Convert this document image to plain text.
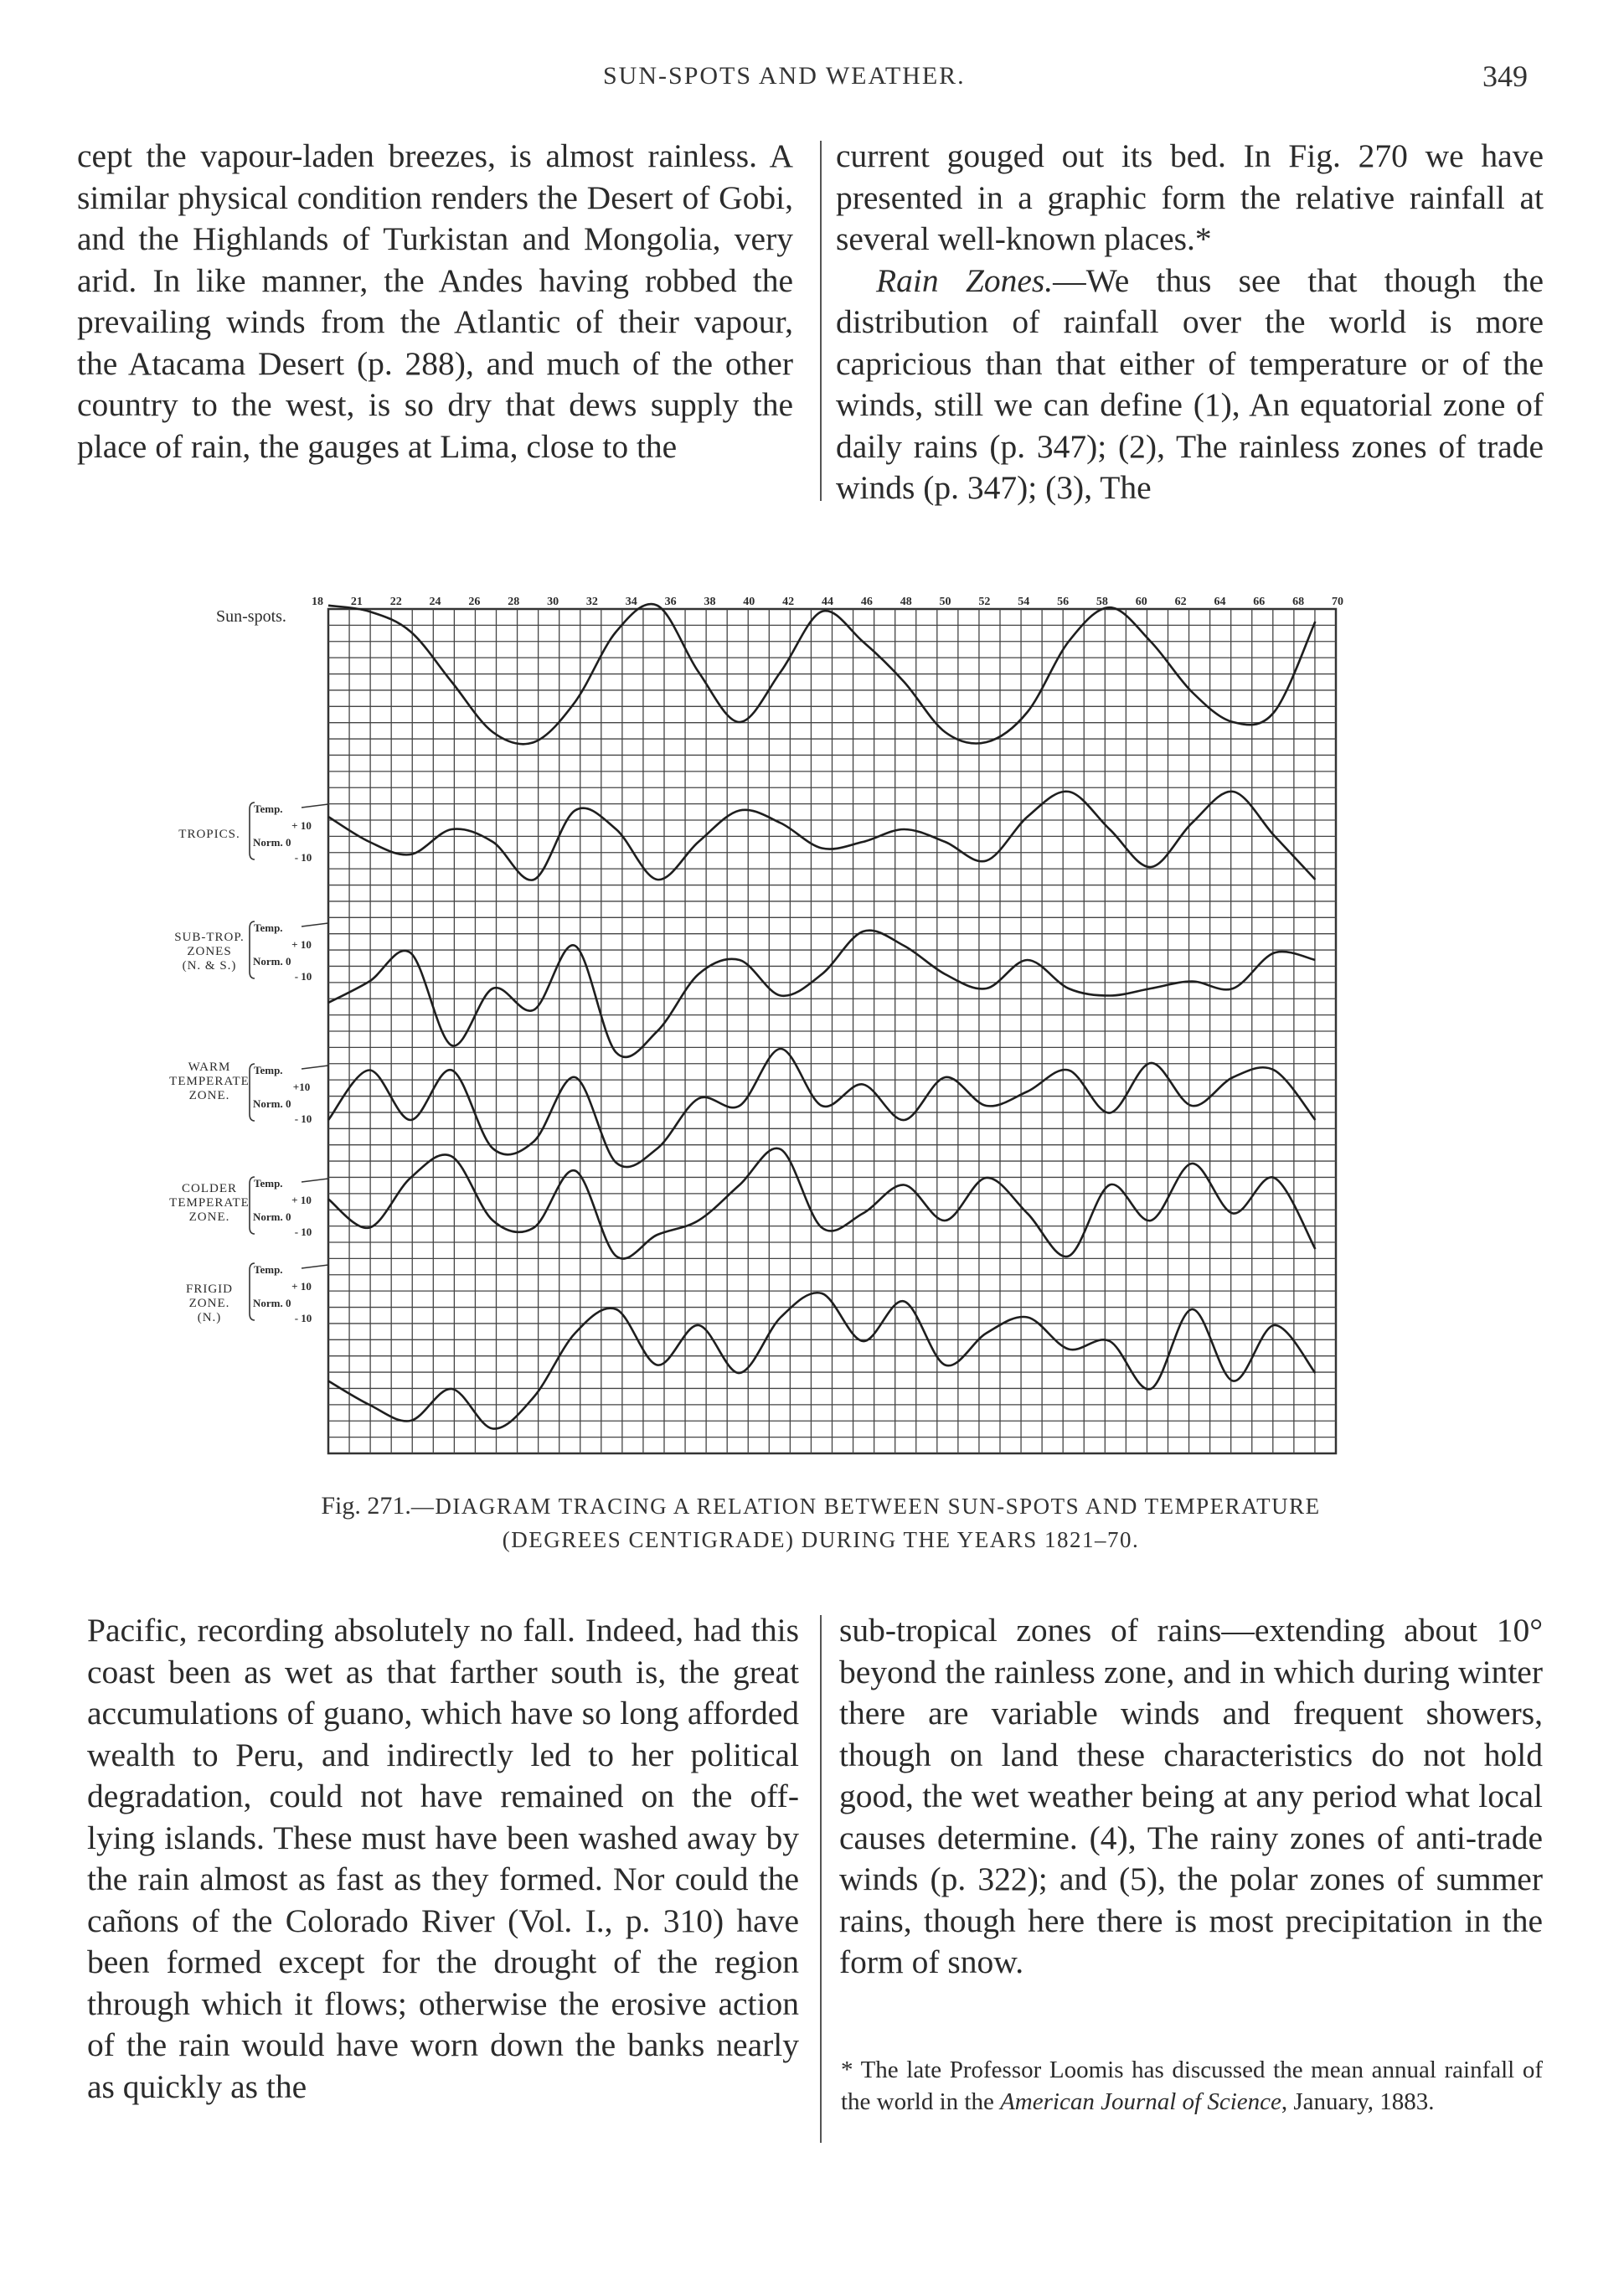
SUN-SPOTS AND WEATHER.	349

cept the vapour-laden breezes, is almost rainless. A similar physical condition renders the Desert of Gobi, and the Highlands of Turkistan and Mongolia, very arid. In like manner, the Andes having robbed the prevailing winds from the Atlantic of their vapour, the Atacama Desert (p. 288), and much of the other country to the west, is so dry that dews supply the place of rain, the gauges at Lima, close to the

current gouged out its bed. In Fig. 270 we have presented in a graphic form the relative rainfall at several well-known places.*

Rain Zones.—We thus see that though the distribution of rainfall over the world is more capricious than that either of temperature or of the winds, still we can define (1), An equatorial zone of daily rains (p. 347); (2), The rainless zones of trade winds (p. 347); (3), The

18 21 22 24 26 28 30 32 34 36 38 40 42 44 46 48 50 52 54 56 58 60 62 64 66 68 70
Sun-spots.
TROPICS.
Temp.
+ 10
Norm. 0
- 10
SUB-TROP.
ZONES
(N. & S.)
Temp.
+ 10
Norm. 0
- 10
WARM
TEMPERATE
ZONE.
Temp.
+10
Norm. 0
- 10
COLDER
TEMPERATE
ZONE.
Temp.
+ 10
Norm. 0
- 10
FRIGID
ZONE.
(N.)
Temp.
+ 10
Norm. 0
- 10
Fig. 271.—DIAGRAM TRACING A RELATION BETWEEN SUN-SPOTS AND TEMPERATURE
(DEGREES CENTIGRADE) DURING THE YEARS 1821–70.

Pacific, recording absolutely no fall. Indeed, had this coast been as wet as that farther south is, the great accumulations of guano, which have so long afforded wealth to Peru, and indirectly led to her political degradation, could not have remained on the off-lying islands. These must have been washed away by the rain almost as fast as they formed. Nor could the cañons of the Colorado River (Vol. I., p. 310) have been formed except for the drought of the region through which it flows; otherwise the erosive action of the rain would have worn down the banks nearly as quickly as the

sub-tropical zones of rains—extending about 10° beyond the rainless zone, and in which during winter there are variable winds and frequent showers, though on land these characteristics do not hold good, the wet weather being at any period what local causes determine. (4), The rainy zones of anti-trade winds (p. 322); and (5), the polar zones of summer rains, though here there is most precipitation in the form of snow.

* The late Professor Loomis has discussed the mean annual rainfall of the world in the American Journal of Science, January, 1883.
